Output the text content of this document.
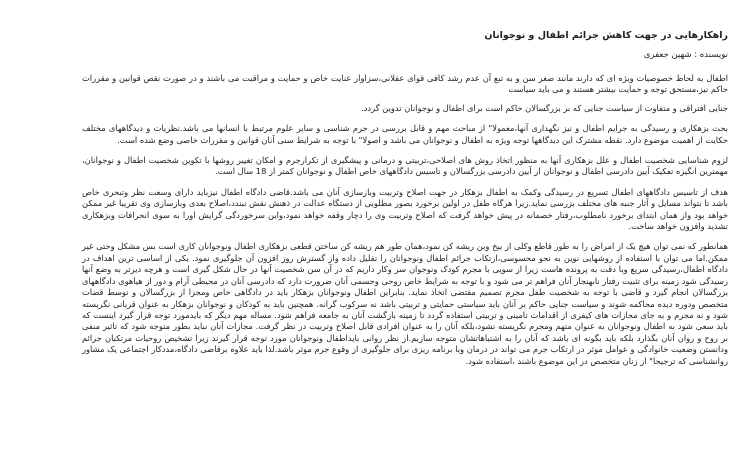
راهکارهایی در جهت کاهش جرائم اطفال و نوجوانان
نویسنده : شهین جعفری
اطفال به لحاظ خصوصیات ویژه ای که دارند مانند صغر سن و به تبع آن عدم رشد کافی قوای عقلانی،سزاوار عنایت خاص و حمایت و مراقبت می باشند و در صورت نقص قوانین و مقررات حاکم نیز،مستحق توجه و حمایت بیشتر هستند و می باید سیاست
جنایی افتراقی و متفاوت از سیاست جنایی که بر بزرگسالان حاکم است برای اطفال و نوجوانان تدوین گردد.
بحث بزهکاری و رسیدگی به جرایم اطفال و نیز نگهداری آنها،معمولا" از مباحث مهم و قابل بررسی در جرم شناسی و سایر علوم مرتبط با انسانها می باشد.نظریات و دیدگاههای مختلف حکایت از اهمیت موضوع دارد. نقطه مشترک این دیدگاهها توجه ویژه به اطفال و نوجوانان می باشد و اصولا" با توجه به شرایط سنی آنان قوانین و مقررات خاصی وضع شده است.
لزوم شناسایی شخصیت اطفال و علل بزهکاری آنها به منظور اتخاذ روش های اصلاحی،تربیتی و درمانی و پیشگیری از تکرارجرم و امکان تغییر روشها با تکوین شخصیت اطفال و نوجوانان، مهمترین انگیزه تفکیک آیین دادرسی اطفال و نوجوانان از آیین دادرسی بزرگسالان و تاسیس دادگاههای خاص اطفال و نوجوانان کمتر از 18 سال است.
هدف از تاسیس دادگاههای اطفال تسریع در رسیدگی وکمک به اطفال بزهکار در جهت اصلاح وتربیت وبازسازی آنان می باشد.قاضی دادگاه اطفال نیزباید دارای وسعت نظر وتبحری خاص باشد تا بتواند مسایل و آثار جنبه های مختلف بزرسی نماید.زیرا هرگاه طفل در اولین برخورد بصور مطلوبی از دستگاه عدالت در ذهنش نقش نبندد،اصلاح بعدی وبازسازی وی تقریبا غیر ممکن خواهد بود واز همان ابتدای برخورد نامطلوب،رفتار خصمانه در پیش خواهد گرفت که اصلاح وتربیت وی را دچار وقفه خواهد نمود،واین سرخوردگی گرایش اورا به سوی انحرافات وبزهکاری تشدید وافزون خواهد ساخت.
همانطور که نمی توان هیچ یک از امراض را به طور قاطع وکلی از بیخ وبن ریشه کن نمود،همان طور هم ریشه کن ساختن قطعی بزهکاری اطفال ونوجوانان کاری است بس مشکل وحتی غیر ممکن.اما می توان با استفاده از روشهایی نوین به نحو محسوسی،ارتکاب جرائم اطفال ونوجوانان را تقلیل داده واز گسترش روز افزون آن جلوگیری نمود. یکی از اساسی ترین اهداف در دادگاه اطفال،رسیدگی سریع وبا دقت به پرونده هاست زیرا از سویی با مجرم کودک ونوجوان سر وکار داریم که در آن سن شخصیت آنها در حال شکل گیری است و هرچه دیرتر به وضع آنها رسیدگی شود زمینه برای تثبیت رفتار نابهنجار آنان فراهم تر می شود و با توجه به شرایط خاص روحی وجسمی آنان ضرورت دارد که دادرسی آنان در محیطی آرام و دور از هیاهوی دادگاههای بزرگسالان انجام گیرد و قاضی با توجه به شخصیت طفل مجرم تصمیم مقتضی اتخاذ نماید. بنابراین اطفال ونوجوانان بزهکار باید در دادگاهی خاص ومجزا از بزرگسالان و توسط قضات متخصص ودوره دیده محاکمه شوند و سیاست جنایی حاکم بر آنان باید سیاستی حمایتی و تربیتی باشد نه سرکوب گرانه. همچنین باید به کودکان و نوجوانان بزهکار به عنوان قربانی نگریسته شود و نه مجرم و به جای مجازات های کیفری از اقدامات تامینی و تربیتی استفاده گردد تا زمینه بازگشت آنان به جامعه فراهم شود. مساله مهم دیگر که بایدمورد توجه قرار گیرد اینست که باید سعی شود به اطفال ونوجوانان به عنوان متهم ومجرم نگریسته نشود،بلکه آنان را به عنوان افرادی قابل اصلاح وتربیت در نظر گرفت. مجازات آنان نباید بطور متوجه شود که تاثیر منفی بر روح و روان آنان بگذارد بلکه باید بگونه ای باشد که آنان را به اشتباهاتشان متوجه سازیم.از نظر روانی بایداطفال ونوجوانان مورد توجه قرار گیرند زیرا تشخیص روحیات مرتکبان جرائم ودانستن وضعیت خانوادگی و عوامل موثر در ارتکاب جرم می تواند در درمان وبا برنامه ریزی برای جلوگیری از وقوع جرم موثر باشد.لذا باید علاوه برقاضی دادگاه،مددکار اجتماعی یک مشاور روانشناسی که ترجیحا" از زنان متخصص در این موضوع باشند ،استفاده شود.
